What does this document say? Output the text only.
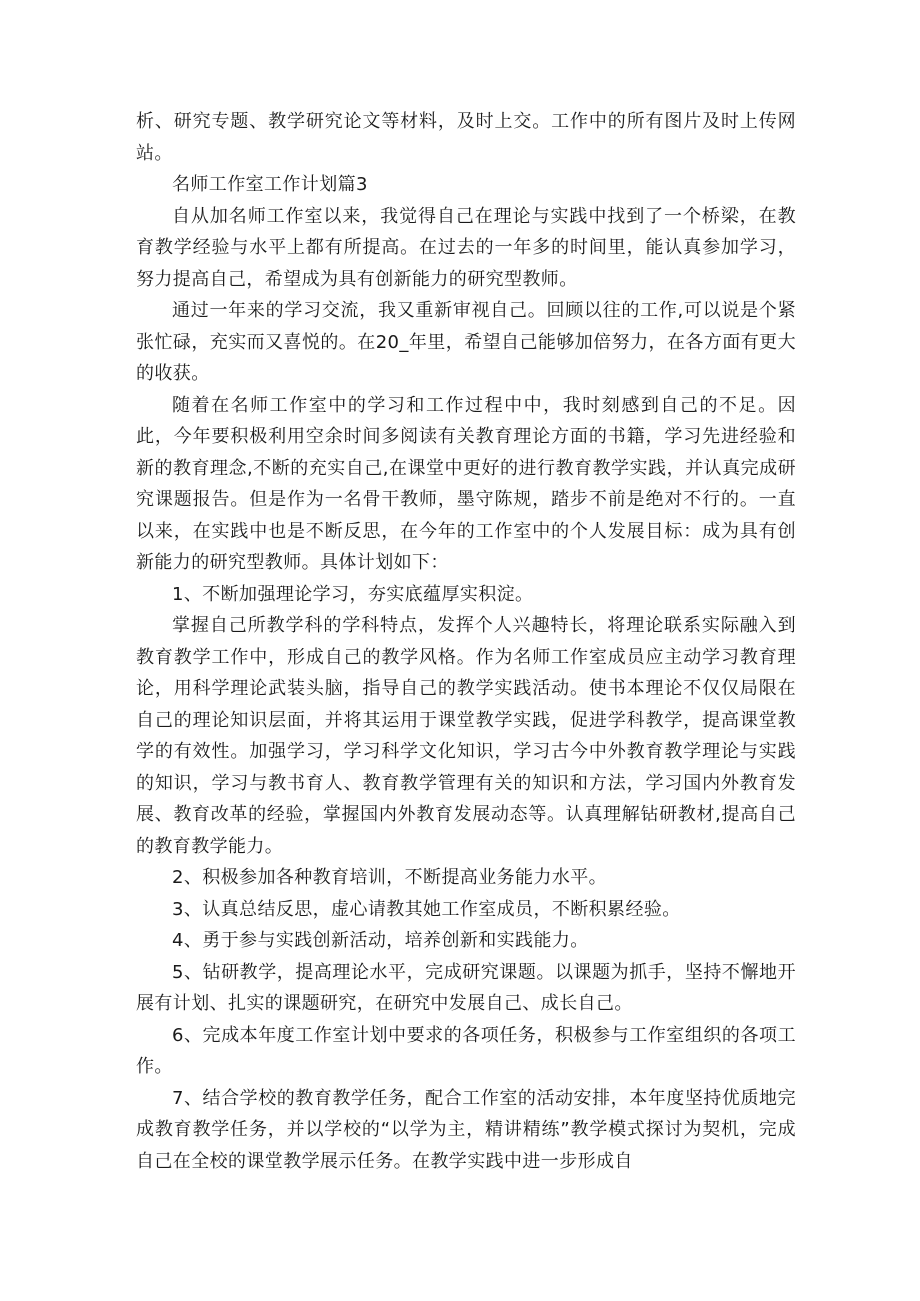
析、研究专题、教学研究论文等材料，及时上交。工作中的所有图片及时上传网站。

名师工作室工作计划篇3

自从加名师工作室以来，我觉得自己在理论与实践中找到了一个桥梁，在教育教学经验与水平上都有所提高。在过去的一年多的时间里，能认真参加学习，努力提高自己，希望成为具有创新能力的研究型教师。

通过一年来的学习交流，我又重新审视自己。回顾以往的工作,可以说是个紧张忙碌，充实而又喜悦的。在20_年里，希望自己能够加倍努力，在各方面有更大的收获。

随着在名师工作室中的学习和工作过程中中，我时刻感到自己的不足。因此，今年要积极利用空余时间多阅读有关教育理论方面的书籍，学习先进经验和新的教育理念,不断的充实自己,在课堂中更好的进行教育教学实践，并认真完成研究课题报告。但是作为一名骨干教师，墨守陈规，踏步不前是绝对不行的。一直以来，在实践中也是不断反思，在今年的工作室中的个人发展目标：成为具有创新能力的研究型教师。具体计划如下：

1、不断加强理论学习，夯实底蕴厚实积淀。

掌握自己所教学科的学科特点，发挥个人兴趣特长，将理论联系实际融入到教育教学工作中，形成自己的教学风格。作为名师工作室成员应主动学习教育理论，用科学理论武装头脑，指导自己的教学实践活动。使书本理论不仅仅局限在自己的理论知识层面，并将其运用于课堂教学实践，促进学科教学，提高课堂教学的有效性。加强学习，学习科学文化知识，学习古今中外教育教学理论与实践的知识，学习与教书育人、教育教学管理有关的知识和方法，学习国内外教育发展、教育改革的经验，掌握国内外教育发展动态等。认真理解钻研教材,提高自己的教育教学能力。

2、积极参加各种教育培训，不断提高业务能力水平。

3、认真总结反思，虚心请教其她工作室成员，不断积累经验。

4、勇于参与实践创新活动，培养创新和实践能力。

5、钻研教学，提高理论水平，完成研究课题。以课题为抓手，坚持不懈地开展有计划、扎实的课题研究，在研究中发展自己、成长自己。

6、完成本年度工作室计划中要求的各项任务，积极参与工作室组织的各项工作。

7、结合学校的教育教学任务，配合工作室的活动安排，本年度坚持优质地完成教育教学任务，并以学校的“以学为主，精讲精练”教学模式探讨为契机，完成自己在全校的课堂教学展示任务。在教学实践中进一步形成自
